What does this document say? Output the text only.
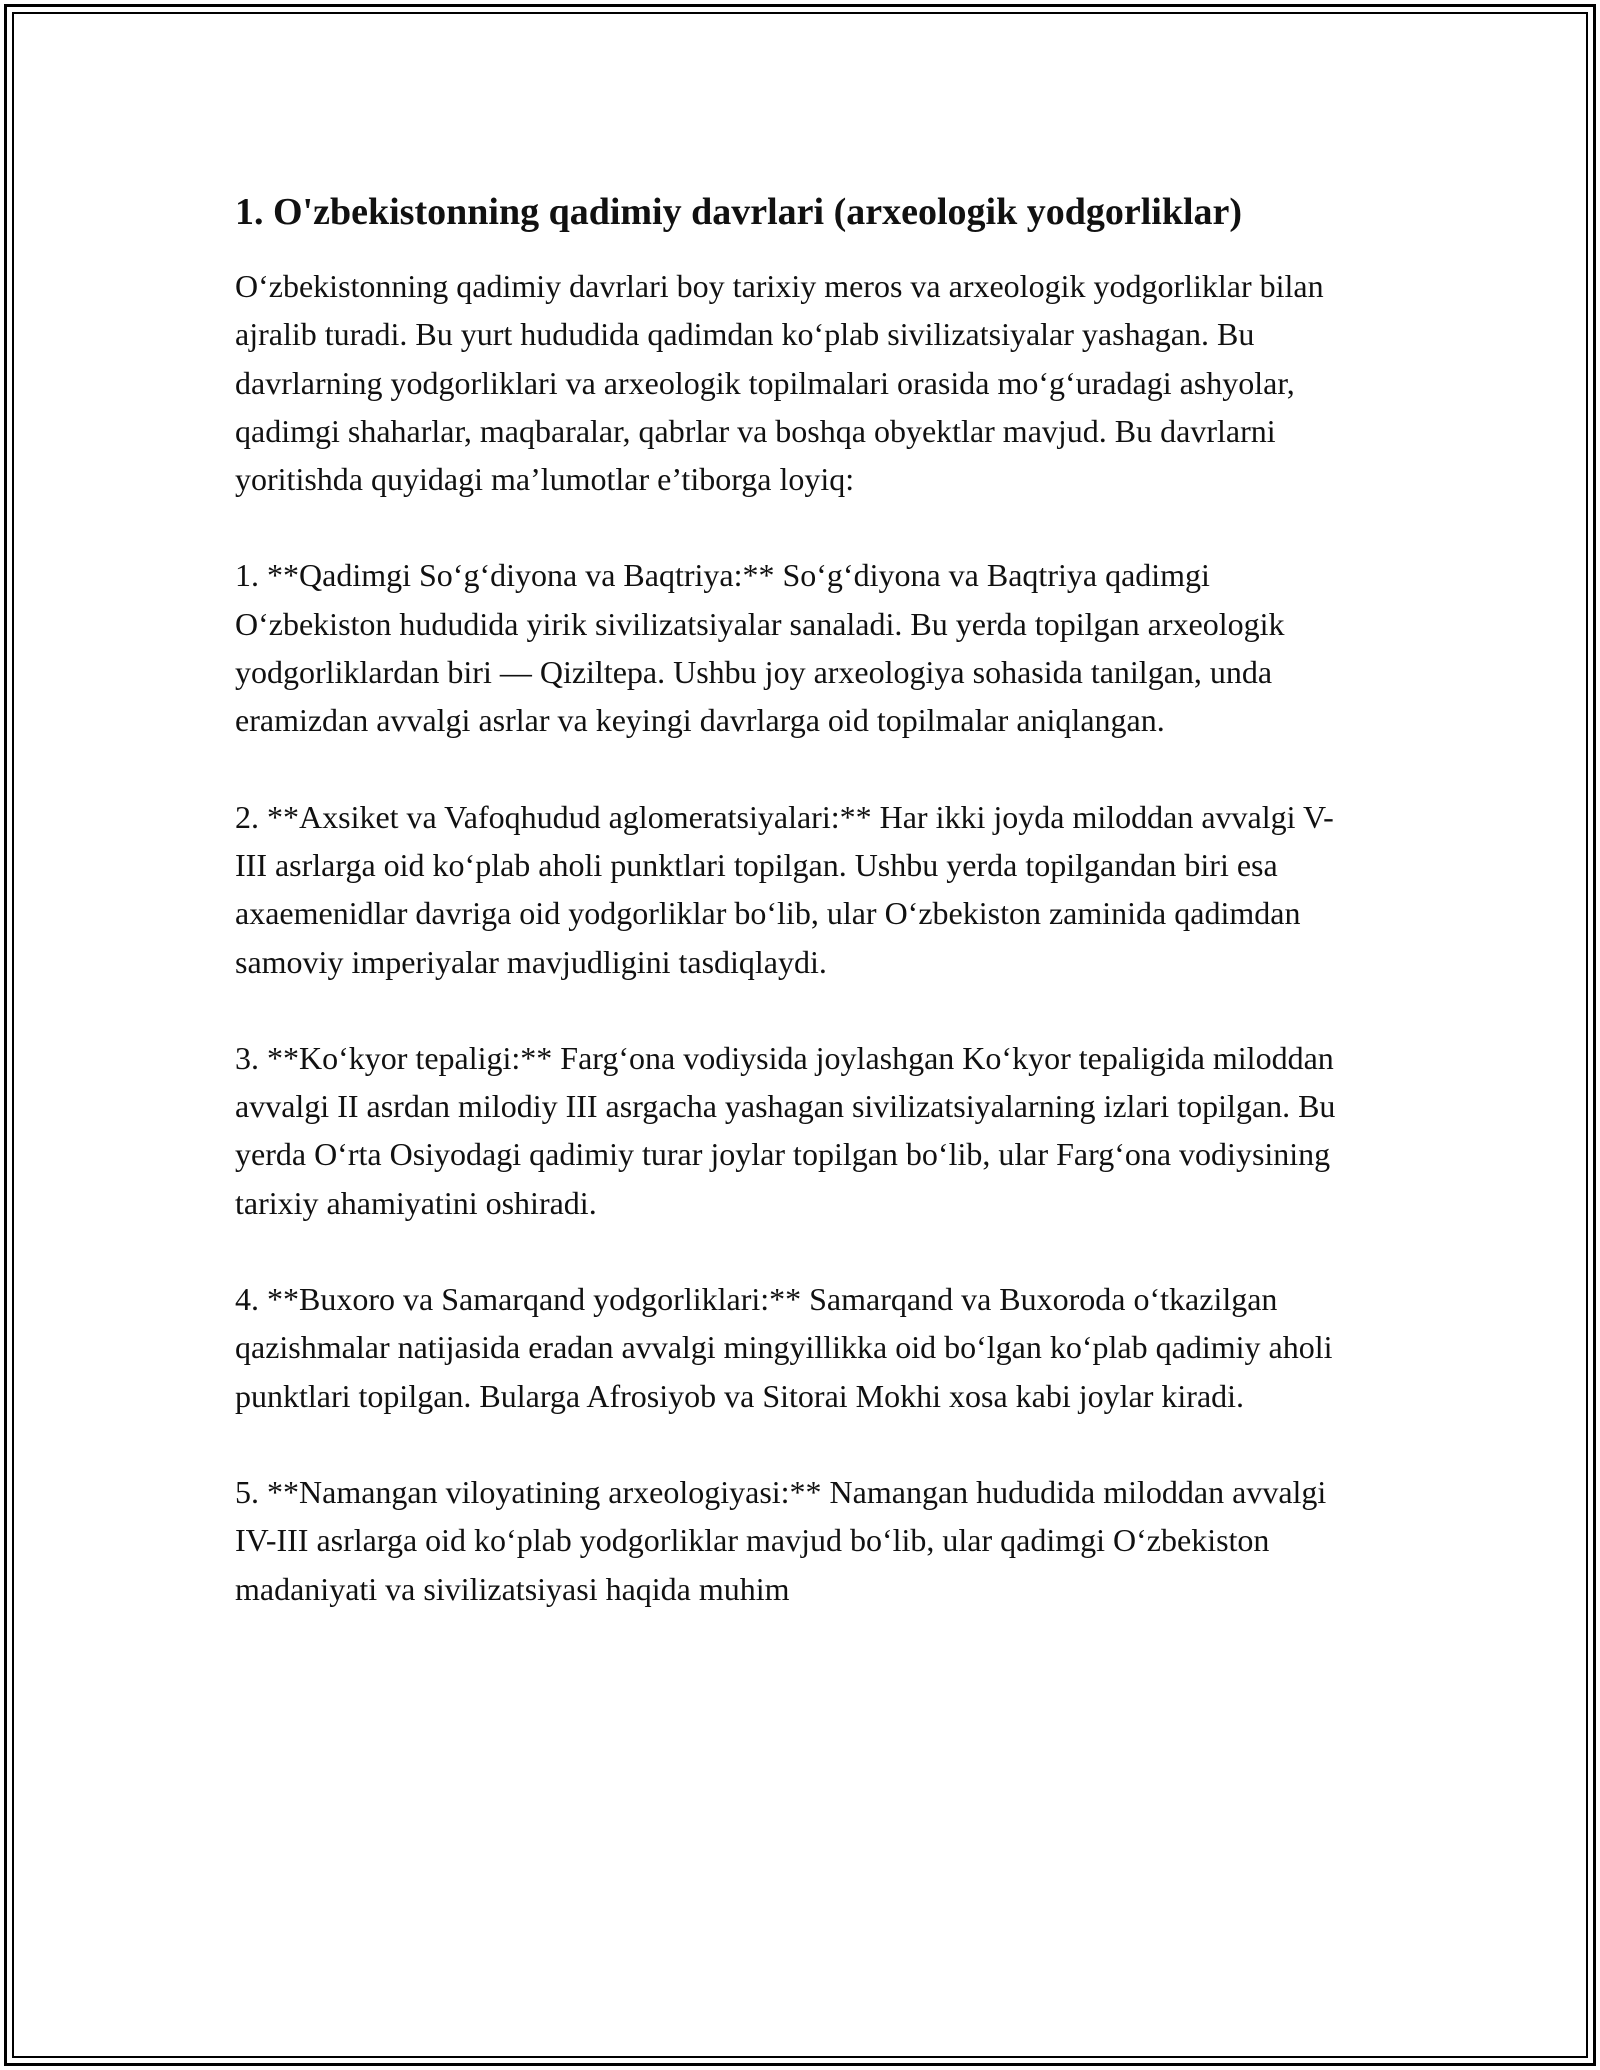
1. O'zbekistonning qadimiy davrlari (arxeologik yodgorliklar)

O‘zbekistonning qadimiy davrlari boy tarixiy meros va arxeologik yodgorliklar bilan ajralib turadi. Bu yurt hududida qadimdan ko‘plab sivilizatsiyalar yashagan. Bu davrlarning yodgorliklari va arxeologik topilmalari orasida mo‘g‘uradagi ashyolar, qadimgi shaharlar, maqbaralar, qabrlar va boshqa obyektlar mavjud. Bu davrlarni yoritishda quyidagi ma’lumotlar e’tiborga loyiq:

1. **Qadimgi So‘g‘diyona va Baqtriya:** So‘g‘diyona va Baqtriya qadimgi O‘zbekiston hududida yirik sivilizatsiyalar sanaladi. Bu yerda topilgan arxeologik yodgorliklardan biri — Qiziltepa. Ushbu joy arxeologiya sohasida tanilgan, unda eramizdan avvalgi asrlar va keyingi davrlarga oid topilmalar aniqlangan.

2. **Axsiket va Vafoqhudud aglomeratsiyalari:** Har ikki joyda miloddan avvalgi V-III asrlarga oid ko‘plab aholi punktlari topilgan. Ushbu yerda topilgandan biri esa axaemenidlar davriga oid yodgorliklar bo‘lib, ular O‘zbekiston zaminida qadimdan samoviy imperiyalar mavjudligini tasdiqlaydi.

3. **Ko‘kyor tepaligi:** Farg‘ona vodiysida joylashgan Ko‘kyor tepaligida miloddan avvalgi II asrdan milodiy III asrgacha yashagan sivilizatsiyalarning izlari topilgan. Bu yerda O‘rta Osiyodagi qadimiy turar joylar topilgan bo‘lib, ular Farg‘ona vodiysining tarixiy ahamiyatini oshiradi.

4. **Buxoro va Samarqand yodgorliklari:** Samarqand va Buxoroda o‘tkazilgan qazishmalar natijasida eradan avvalgi mingyillikka oid bo‘lgan ko‘plab qadimiy aholi punktlari topilgan. Bularga Afrosiyob va Sitorai Mokhi xosa kabi joylar kiradi.

5. **Namangan viloyatining arxeologiyasi:** Namangan hududida miloddan avvalgi IV-III asrlarga oid ko‘plab yodgorliklar mavjud bo‘lib, ular qadimgi O‘zbekiston madaniyati va sivilizatsiyasi haqida muhim
